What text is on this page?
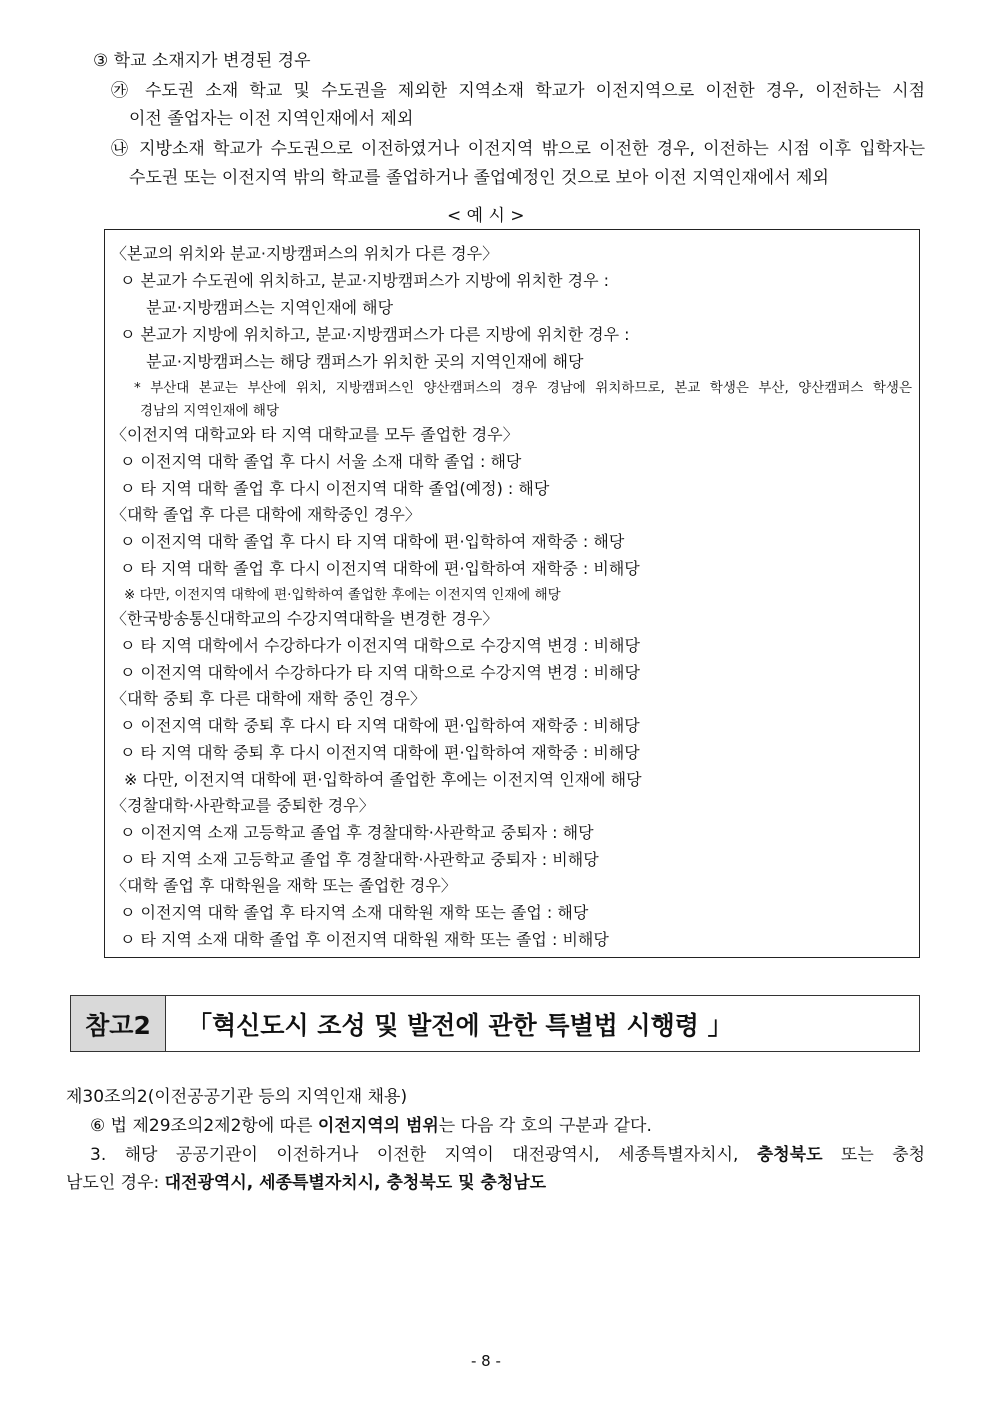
③ 학교 소재지가 변경된 경우
㉮ 수도권 소재 학교 및 수도권을 제외한 지역소재 학교가 이전지역으로 이전한 경우, 이전하는 시점
이전 졸업자는 이전 지역인재에서 제외
㉯ 지방소재 학교가 수도권으로 이전하였거나 이전지역 밖으로 이전한 경우, 이전하는 시점 이후 입학자는
수도권 또는 이전지역 밖의 학교를 졸업하거나 졸업예정인 것으로 보아 이전 지역인재에서 제외
< 예 시 >
〈본교의 위치와 분교·지방캠퍼스의 위치가 다른 경우〉
ㅇ 본교가 수도권에 위치하고, 분교·지방캠퍼스가 지방에 위치한 경우 :
분교·지방캠퍼스는 지역인재에 해당
ㅇ 본교가 지방에 위치하고, 분교·지방캠퍼스가 다른 지방에 위치한 경우 :
분교·지방캠퍼스는 해당 캠퍼스가 위치한 곳의 지역인재에 해당
* 부산대 본교는 부산에 위치, 지방캠퍼스인 양산캠퍼스의 경우 경남에 위치하므로, 본교 학생은 부산, 양산캠퍼스 학생은
경남의 지역인재에 해당
〈이전지역 대학교와 타 지역 대학교를 모두 졸업한 경우〉
ㅇ 이전지역 대학 졸업 후 다시 서울 소재 대학 졸업 : 해당
ㅇ 타 지역 대학 졸업 후 다시 이전지역 대학 졸업(예정) : 해당
〈대학 졸업 후 다른 대학에 재학중인 경우〉
ㅇ 이전지역 대학 졸업 후 다시 타 지역 대학에 편·입학하여 재학중 : 해당
ㅇ 타 지역 대학 졸업 후 다시 이전지역 대학에 편·입학하여 재학중 : 비해당
※ 다만, 이전지역 대학에 편·입학하여 졸업한 후에는 이전지역 인재에 해당
〈한국방송통신대학교의 수강지역대학을 변경한 경우〉
ㅇ 타 지역 대학에서 수강하다가 이전지역 대학으로 수강지역 변경 : 비해당
ㅇ 이전지역 대학에서 수강하다가 타 지역 대학으로 수강지역 변경 : 비해당
〈대학 중퇴 후 다른 대학에 재학 중인 경우〉
ㅇ 이전지역 대학 중퇴 후 다시 타 지역 대학에 편·입학하여 재학중 : 비해당
ㅇ 타 지역 대학 중퇴 후 다시 이전지역 대학에 편·입학하여 재학중 : 비해당
※ 다만, 이전지역 대학에 편·입학하여 졸업한 후에는 이전지역 인재에 해당
〈경찰대학·사관학교를 중퇴한 경우〉
ㅇ 이전지역 소재 고등학교 졸업 후 경찰대학·사관학교 중퇴자 : 해당
ㅇ 타 지역 소재 고등학교 졸업 후 경찰대학·사관학교 중퇴자 : 비해당
〈대학 졸업 후 대학원을 재학 또는 졸업한 경우〉
ㅇ 이전지역 대학 졸업 후 타지역 소재 대학원 재학 또는 졸업 : 해당
ㅇ 타 지역 소재 대학 졸업 후 이전지역 대학원 재학 또는 졸업 : 비해당
참고2	「혁신도시 조성 및 발전에 관한 특별법 시행령 」
제30조의2(이전공공기관 등의 지역인재 채용)
⑥ 법 제29조의2제2항에 따른 이전지역의 범위는 다음 각 호의 구분과 같다.
3. 해당 공공기관이 이전하거나 이전한 지역이 대전광역시, 세종특별자치시, 충청북도 또는 충청
남도인 경우: 대전광역시, 세종특별자치시, 충청북도 및 충청남도
- 8 -
